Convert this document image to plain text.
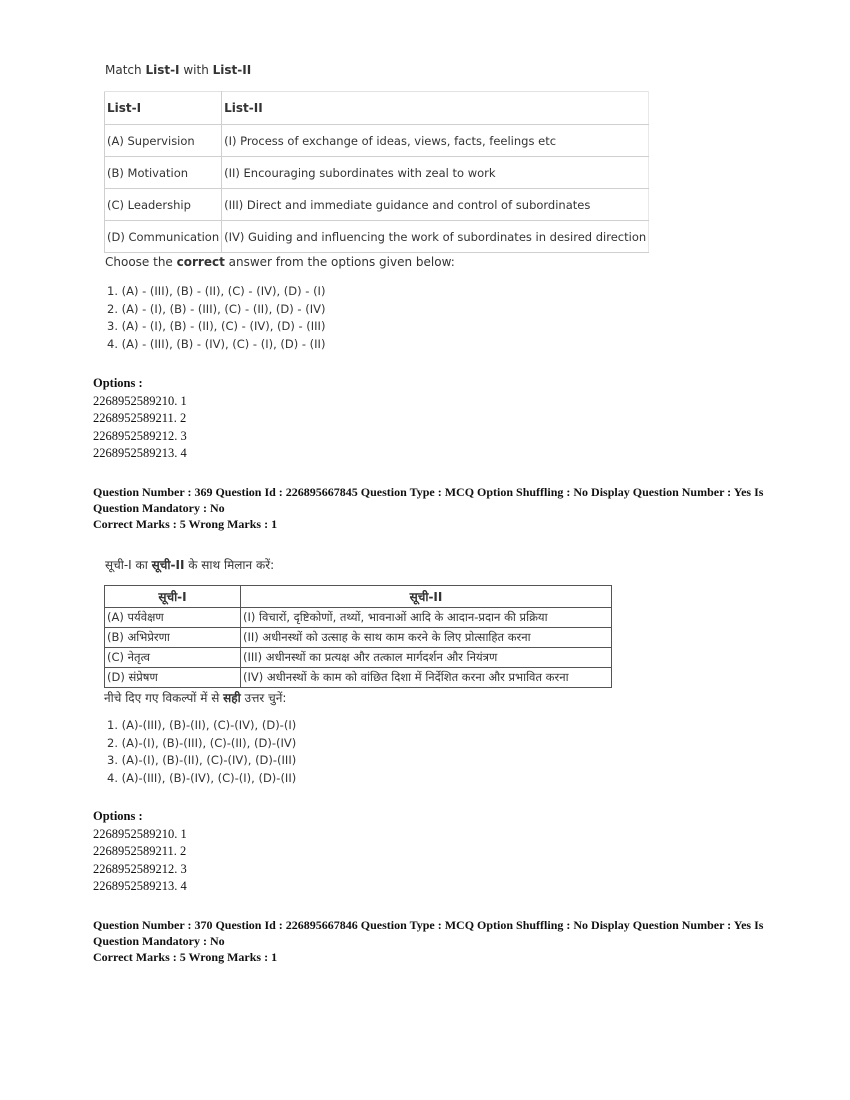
Match List-I with List-II
List-I	List-II
(A) Supervision	(I) Process of exchange of ideas, views, facts, feelings etc
(B) Motivation	(II) Encouraging subordinates with zeal to work
(C) Leadership	(III) Direct and immediate guidance and control of subordinates
(D) Communication	(IV) Guiding and influencing the work of subordinates in desired direction
Choose the correct answer from the options given below:
1. (A) - (III), (B) - (II), (C) - (IV), (D) - (I)
2. (A) - (I), (B) - (III), (C) - (II), (D) - (IV)
3. (A) - (I), (B) - (II), (C) - (IV), (D) - (III)
4. (A) - (III), (B) - (IV), (C) - (I), (D) - (II)
Options :
2268952589210. 1
2268952589211. 2
2268952589212. 3
2268952589213. 4
Question Number : 369 Question Id : 226895667845 Question Type : MCQ Option Shuffling : No Display Question Number : Yes Is Question Mandatory : No
Correct Marks : 5 Wrong Marks : 1
सूची-I का सूची-II के साथ मिलान करें:
सूची-I	सूची-II
(A) पर्यवेक्षण	(I) विचारों, दृष्टिकोणों, तथ्यों, भावनाओं आदि के आदान-प्रदान की प्रक्रिया
(B) अभिप्रेरणा	(II) अधीनस्थों को उत्साह के साथ काम करने के लिए प्रोत्साहित करना
(C) नेतृत्व	(III) अधीनस्थों का प्रत्यक्ष और तत्काल मार्गदर्शन और नियंत्रण
(D) संप्रेषण	(IV) अधीनस्थों के काम को वांछित दिशा में निर्देशित करना और प्रभावित करना
नीचे दिए गए विकल्पों में से सही उत्तर चुनें:
1. (A)-(III), (B)-(II), (C)-(IV), (D)-(I)
2. (A)-(I), (B)-(III), (C)-(II), (D)-(IV)
3. (A)-(I), (B)-(II), (C)-(IV), (D)-(III)
4. (A)-(III), (B)-(IV), (C)-(I), (D)-(II)
Options :
2268952589210. 1
2268952589211. 2
2268952589212. 3
2268952589213. 4
Question Number : 370 Question Id : 226895667846 Question Type : MCQ Option Shuffling : No Display Question Number : Yes Is Question Mandatory : No
Correct Marks : 5 Wrong Marks : 1
